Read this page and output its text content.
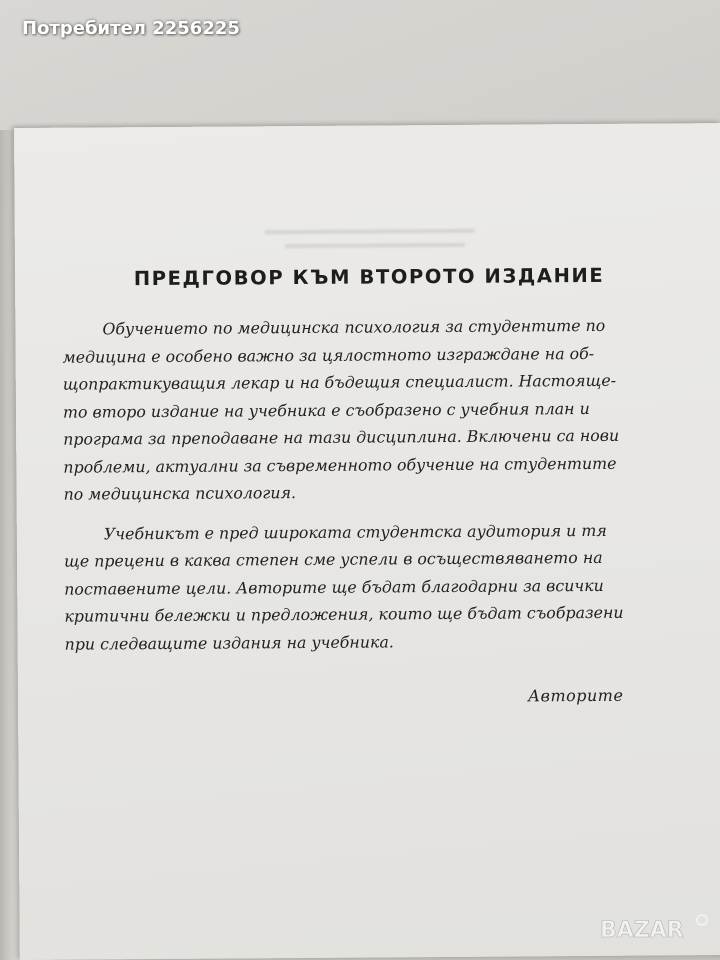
ПРЕДГОВОР КЪМ ВТОРОТО ИЗДАНИЕ
Обучението по медицинска психология за студентите по
медицина е особено важно за цялостното изграждане на об-
щопрактикуващия лекар и на бъдещия специалист. Настояще-
то второ издание на учебника е съобразено с учебния план и
програма за преподаване на тази дисциплина. Включени са нови
проблеми, актуални за съвременното обучение на студентите
по медицинска психология.
Учебникът е пред широката студентска аудитория и тя
ще прецени в каква степен сме успели в осъществяването на
поставените цели. Авторите ще бъдат благодарни за всички
критични бележки и предложения, които ще бъдат съобразени
при следващите издания на учебника.
Авторите
Потребител 2256225
BAZAR
